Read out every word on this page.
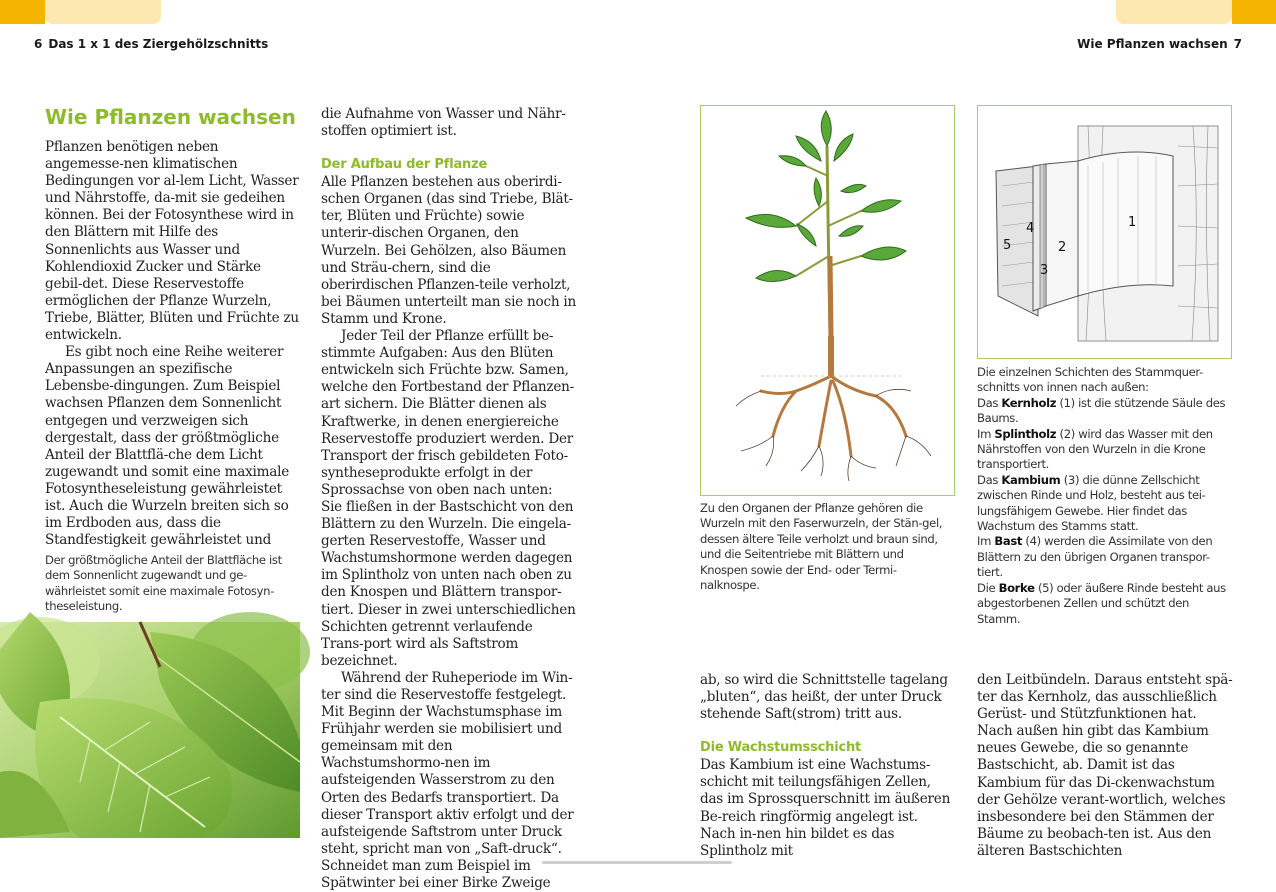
6 Das 1 x 1 des Ziergehölzschnitts	Wie Pflanzen wachsen 7
Wie Pflanzen wachsen

Pflanzen benötigen neben angemesse-nen klimatischen Bedingungen vor al-lem Licht, Wasser und Nährstoffe, da-mit sie gedeihen können. Bei der Fotosynthese wird in den Blättern mit Hilfe des Sonnenlichts aus Wasser und Kohlendioxid Zucker und Stärke gebil-det. Diese Reservestoffe ermöglichen der Pflanze Wurzeln, Triebe, Blätter, Blüten und Früchte zu entwickeln.

Es gibt noch eine Reihe weiterer Anpassungen an spezifische Lebensbe-dingungen. Zum Beispiel wachsen Pflanzen dem Sonnenlicht entgegen und verzweigen sich dergestalt, dass der größtmögliche Anteil der Blattflä-che dem Licht zugewandt und somit eine maximale Fotosyntheseleistung gewährleistet ist. Auch die Wurzeln breiten sich so im Erdboden aus, dass die Standfestigkeit gewährleistet und

Der größtmögliche Anteil der Blattfläche ist dem Sonnenlicht zugewandt und ge-währleistet somit eine maximale Fotosyn-theseleistung.

die Aufnahme von Wasser und Nähr-stoffen optimiert ist.

Der Aufbau der Pflanze

Alle Pflanzen bestehen aus oberirdi-schen Organen (das sind Triebe, Blät-ter, Blüten und Früchte) sowie unterir-dischen Organen, den Wurzeln. Bei Gehölzen, also Bäumen und Sträu-chern, sind die oberirdischen Pflanzen-teile verholzt, bei Bäumen unterteilt man sie noch in Stamm und Krone.

Jeder Teil der Pflanze erfüllt be-stimmte Aufgaben: Aus den Blüten entwickeln sich Früchte bzw. Samen, welche den Fortbestand der Pflanzen-art sichern. Die Blätter dienen als Kraftwerke, in denen energiereiche Reservestoffe produziert werden. Der Transport der frisch gebildeten Foto-syntheseprodukte erfolgt in der Sprossachse von oben nach unten: Sie fließen in der Bastschicht von den Blättern zu den Wurzeln. Die eingela-gerten Reservestoffe, Wasser und Wachstumshormone werden dagegen im Splintholz von unten nach oben zu den Knospen und Blättern transpor-tiert. Dieser in zwei unterschiedlichen Schichten getrennt verlaufende Trans-port wird als Saftstrom bezeichnet.

Während der Ruheperiode im Win-ter sind die Reservestoffe festgelegt. Mit Beginn der Wachstumsphase im Frühjahr werden sie mobilisiert und gemeinsam mit den Wachstumshormo-nen im aufsteigenden Wasserstrom zu den Orten des Bedarfs transportiert. Da dieser Transport aktiv erfolgt und der aufsteigende Saftstrom unter Druck steht, spricht man von „Saft-druck“. Schneidet man zum Beispiel im Spätwinter bei einer Birke Zweige

Zu den Organen der Pflanze gehören die Wurzeln mit den Faserwurzeln, der Stän-gel, dessen ältere Teile verholzt und braun sind, und die Seitentriebe mit Blättern und Knospen sowie der End- oder Termi-nalknospe.
1
2
3
4
5
Die einzelnen Schichten des Stammquer-schnitts von innen nach außen:
Das Kernholz (1) ist die stützende Säule des Baums.
Im Splintholz (2) wird das Wasser mit den Nährstoffen von den Wurzeln in die Krone transportiert.
Das Kambium (3) die dünne Zellschicht zwischen Rinde und Holz, besteht aus tei-lungsfähigem Gewebe. Hier findet das Wachstum des Stamms statt.
Im Bast (4) werden die Assimilate von den Blättern zu den übrigen Organen transpor-tiert.
Die Borke (5) oder äußere Rinde besteht aus abgestorbenen Zellen und schützt den Stamm.

ab, so wird die Schnittstelle tagelang „bluten“, das heißt, der unter Druck stehende Saft(strom) tritt aus.

Die Wachstumsschicht

Das Kambium ist eine Wachstums-schicht mit teilungsfähigen Zellen, das im Sprossquerschnitt im äußeren Be-reich ringförmig angelegt ist. Nach in-nen hin bildet es das Splintholz mit

den Leitbündeln. Daraus entsteht spä-ter das Kernholz, das ausschließlich Gerüst- und Stützfunktionen hat. Nach außen hin gibt das Kambium neues Gewebe, die so genannte Bastschicht, ab. Damit ist das Kambium für das Di-ckenwachstum der Gehölze verant-wortlich, welches insbesondere bei den Stämmen der Bäume zu beobach-ten ist. Aus den älteren Bastschichten
